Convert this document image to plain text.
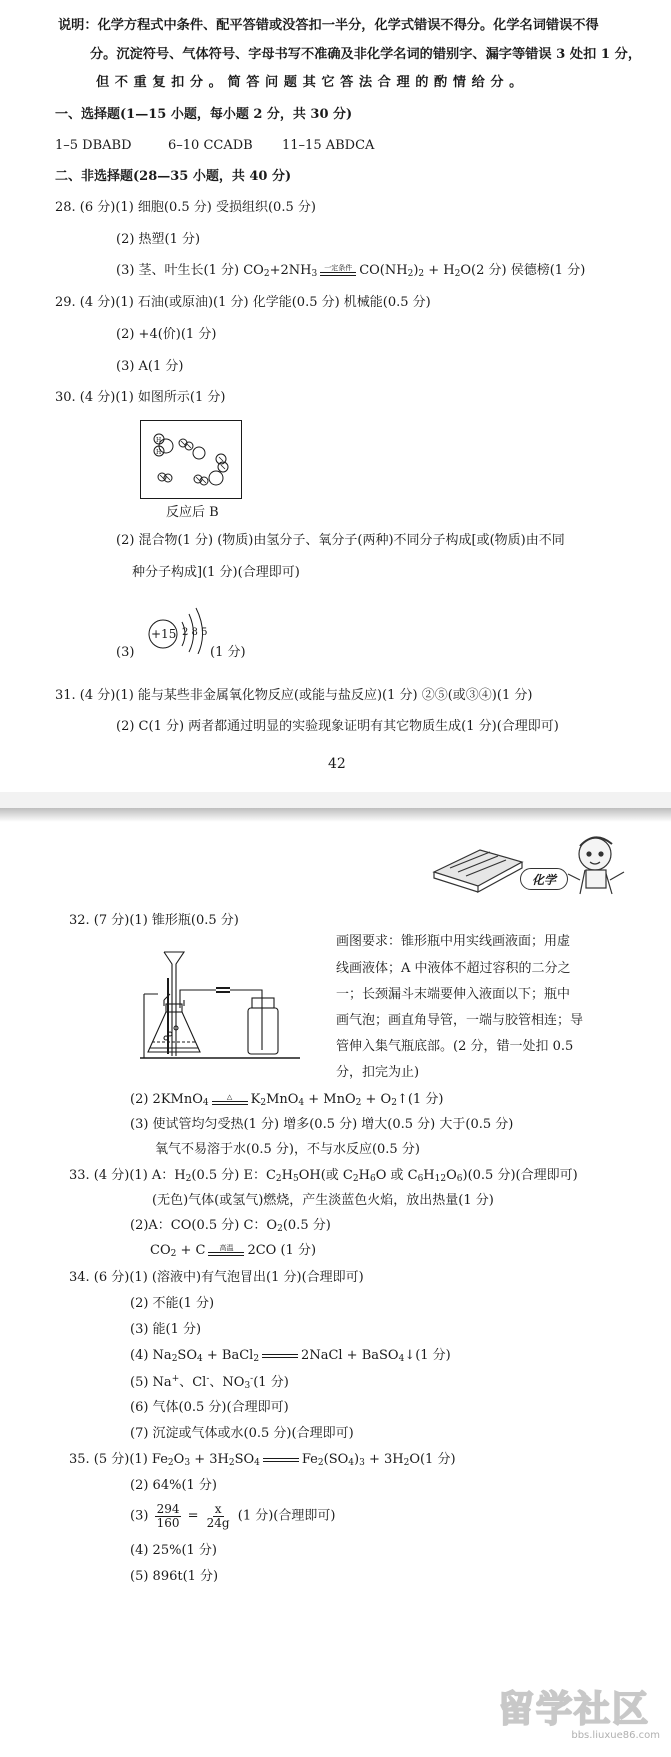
说明：化学方程式中条件、配平答错或没答扣一半分，化学式错误不得分。化学名词错误不得
分。沉淀符号、气体符号、字母书写不准确及非化学名词的错别字、漏字等错误 3 处扣 1 分，
但 不 重 复 扣 分 。 简 答 问 题 其 它 答 法 合 理 的 酌 情 给 分 。
一、选择题(1—15 小题，每小题 2 分，共 30 分)
1–5 DBABD	6–10 CCADB 11–15 ABDCA
二、非选择题(28—35 小题，共 40 分)
28. (6 分)(1) 细胞(0.5 分) 受损组织(0.5 分)
(2) 热塑(1 分)
(3) 茎、叶生长(1 分) $CO_2+2NH_3$
一定条件 $CO(NH_2)_2 + H_2O(2$ 分) 侯德榜(1 分)
29. (4 分)(1) 石油(或原油)(1 分) 化学能(0.5 分) 机械能(0.5 分)
(2) +4(价)(1 分)
(3) A(1 分)
30. (4 分)(1) 如图所示(1 分)
H
H
反应后 B
(2) 混合物(1 分) (物质)由氢分子、氧分子(两种)不同分子构成[或(物质)由不同
种分子构成](1 分)(合理即可)
(3)
+15 2 8 5
(1 分)
31. (4 分)(1) 能与某些非金属氧化物反应(或能与盐反应)(1 分) ②⑤(或③④)(1 分)
(2) C(1 分) 两者都通过明显的实验现象证明有其它物质生成(1 分)(合理即可)
42
化学
32. (7 分)(1) 锥形瓶(0.5 分)
画图要求：锥形瓶中用实线画液面；用虚
线画液体；A 中液体不超过容积的二分之
一；长颈漏斗末端要伸入液面以下；瓶中
画气泡；画直角导管，一端与胶管相连；导
管伸入集气瓶底部。(2 分，错一处扣 0.5
分，扣完为止)
(2) 2KMnO$_4$
△ $K_2MnO_4 + MnO_2$ + $O_2↑(1$ 分)
(3) 使试管均匀受热(1 分) 增多(0.5 分) 增大(0.5 分) 大于(0.5 分)
氧气不易溶于水(0.5 分)，不与水反应(0.5 分)
33. (4 分)(1) A：$H_2(0.5$ 分) E：$C_2H_5OH$(或 $C_2H_6O$ 或 $C_6H_{12}O_6)(0.5$ 分)(合理即可)
(无色)气体(或氢气)燃烧，产生淡蓝色火焰，放出热量(1 分)
(2)A：CO(0.5 分) C：$O_2(0.5$ 分)
$CO_2 + C$ 高温 2CO (1 分)
34. (6 分)(1) (溶液中)有气泡冒出(1 分)(合理即可)
(2) 不能(1 分)
(3) 能(1 分)
(4) $Na_2SO_4$ + BaCl$_2$	2NaCl + BaSO$_4$↓(1 分)
(5) Na+、Cl-、$NO_3^-(1$ 分)
(6) 气体(0.5 分)(合理即可)
(7) 沉淀或气体或水(0.5 分)(合理即可)
35. (5 分)(1) $Fe_2O_3 + 3H_2SO_4$	$Fe_2(SO_4)_3 + 3H_2O(1$ 分)
(2) 64%(1 分)
$(3) \frac{294}{160} = \frac{x}{24g} (1$ 分)(合理即可)
(4) 25%(1 分)
(5) 896t(1 分)
留学社区
bbs.liuxue86.com
